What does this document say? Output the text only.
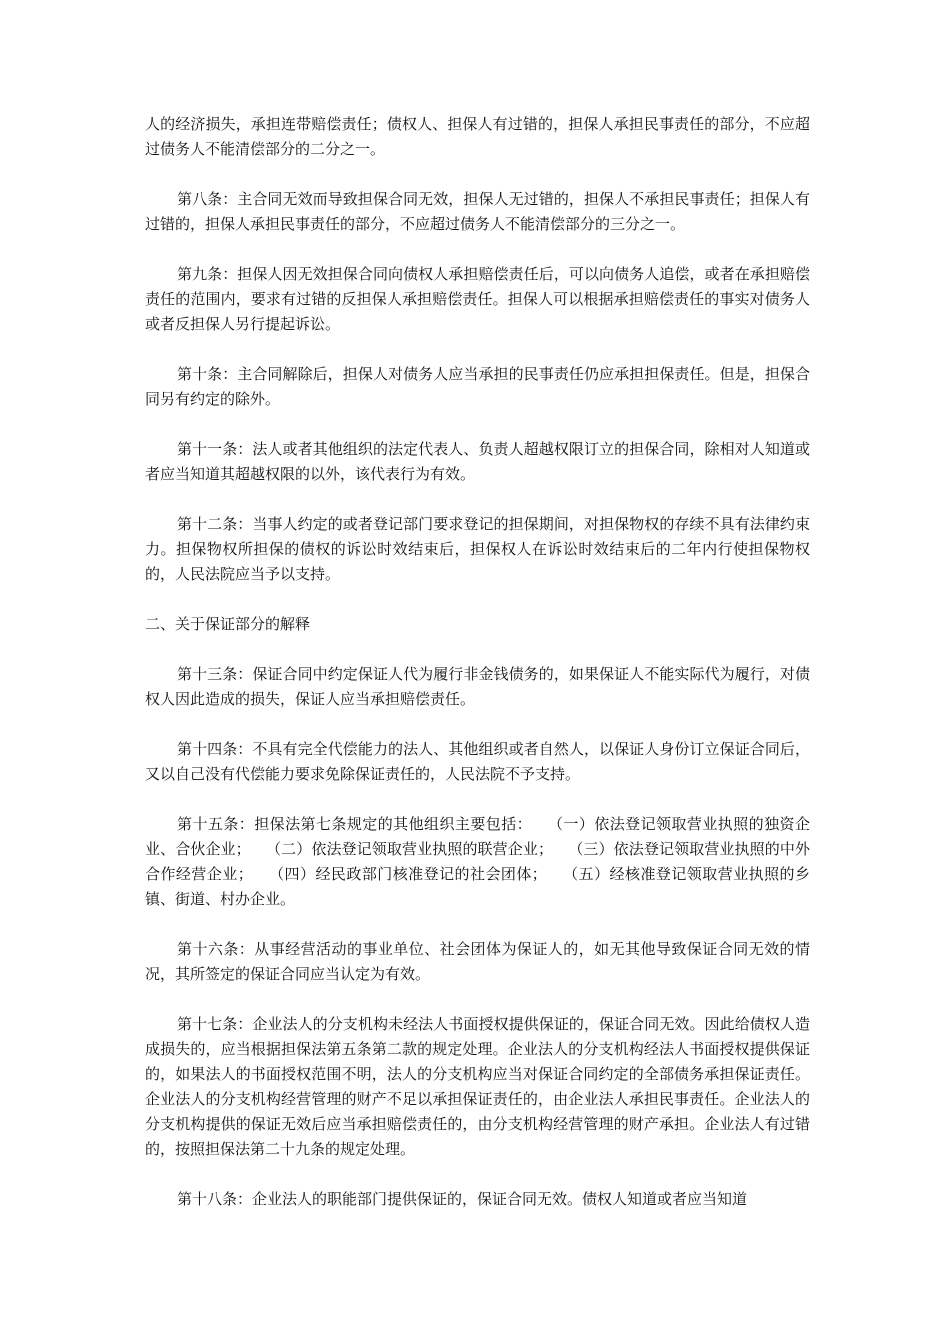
人的经济损失，承担连带赔偿责任；债权人、担保人有过错的，担保人承担民事责任的部分，不应超过债务人不能清偿部分的二分之一。

第八条：主合同无效而导致担保合同无效，担保人无过错的，担保人不承担民事责任；担保人有过错的，担保人承担民事责任的部分，不应超过债务人不能清偿部分的三分之一。

第九条：担保人因无效担保合同向债权人承担赔偿责任后，可以向债务人追偿，或者在承担赔偿责任的范围内，要求有过错的反担保人承担赔偿责任。担保人可以根据承担赔偿责任的事实对债务人或者反担保人另行提起诉讼。

第十条：主合同解除后，担保人对债务人应当承担的民事责任仍应承担担保责任。但是，担保合同另有约定的除外。

第十一条：法人或者其他组织的法定代表人、负责人超越权限订立的担保合同，除相对人知道或者应当知道其超越权限的以外，该代表行为有效。

第十二条：当事人约定的或者登记部门要求登记的担保期间，对担保物权的存续不具有法律约束力。担保物权所担保的债权的诉讼时效结束后，担保权人在诉讼时效结束后的二年内行使担保物权的，人民法院应当予以支持。

二、关于保证部分的解释

第十三条：保证合同中约定保证人代为履行非金钱债务的，如果保证人不能实际代为履行，对债权人因此造成的损失，保证人应当承担赔偿责任。

第十四条：不具有完全代偿能力的法人、其他组织或者自然人，以保证人身份订立保证合同后，又以自己没有代偿能力要求免除保证责任的，人民法院不予支持。

第十五条：担保法第七条规定的其他组织主要包括：　　（一）依法登记领取营业执照的独资企业、合伙企业；　　（二）依法登记领取营业执照的联营企业；　　（三）依法登记领取营业执照的中外合作经营企业；　　（四）经民政部门核准登记的社会团体；　　（五）经核准登记领取营业执照的乡镇、街道、村办企业。

第十六条：从事经营活动的事业单位、社会团体为保证人的，如无其他导致保证合同无效的情况，其所签定的保证合同应当认定为有效。

第十七条：企业法人的分支机构未经法人书面授权提供保证的，保证合同无效。因此给债权人造成损失的，应当根据担保法第五条第二款的规定处理。企业法人的分支机构经法人书面授权提供保证的，如果法人的书面授权范围不明，法人的分支机构应当对保证合同约定的全部债务承担保证责任。企业法人的分支机构经营管理的财产不足以承担保证责任的，由企业法人承担民事责任。企业法人的分支机构提供的保证无效后应当承担赔偿责任的，由分支机构经营管理的财产承担。企业法人有过错的，按照担保法第二十九条的规定处理。

第十八条：企业法人的职能部门提供保证的，保证合同无效。债权人知道或者应当知道
